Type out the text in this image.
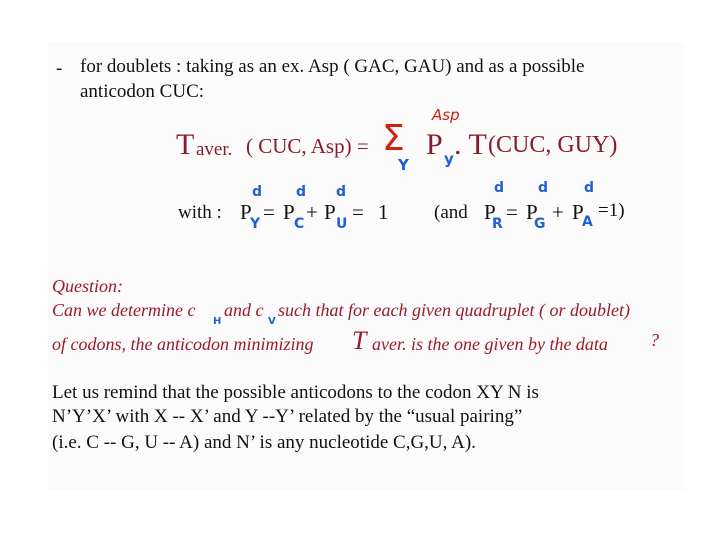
- for doublets : taking as an ex. Asp ( GAC, GAU) and as a possible
anticodon CUC:
Asp
T aver. ( CUC, Asp) = Σ
Y
P y . T (CUC, GUY)
with :
d
P
Y =
d
P C +
d
P U = 1 (and
d
P
R =
d
P
G +
d
P
A
=1)
Question:
Can we determine c
H
and c
V
such that for each given quadruplet ( or doublet)
of codons, the anticodon minimizing T aver. is the one given by the data ?
Let us remind that the possible anticodons to the codon XY N is
N’Y’X’ with X -- X’ and Y --Y’ related by the “usual pairing”
(i.e. C -- G, U -- A) and N’ is any nucleotide C,G,U, A).
